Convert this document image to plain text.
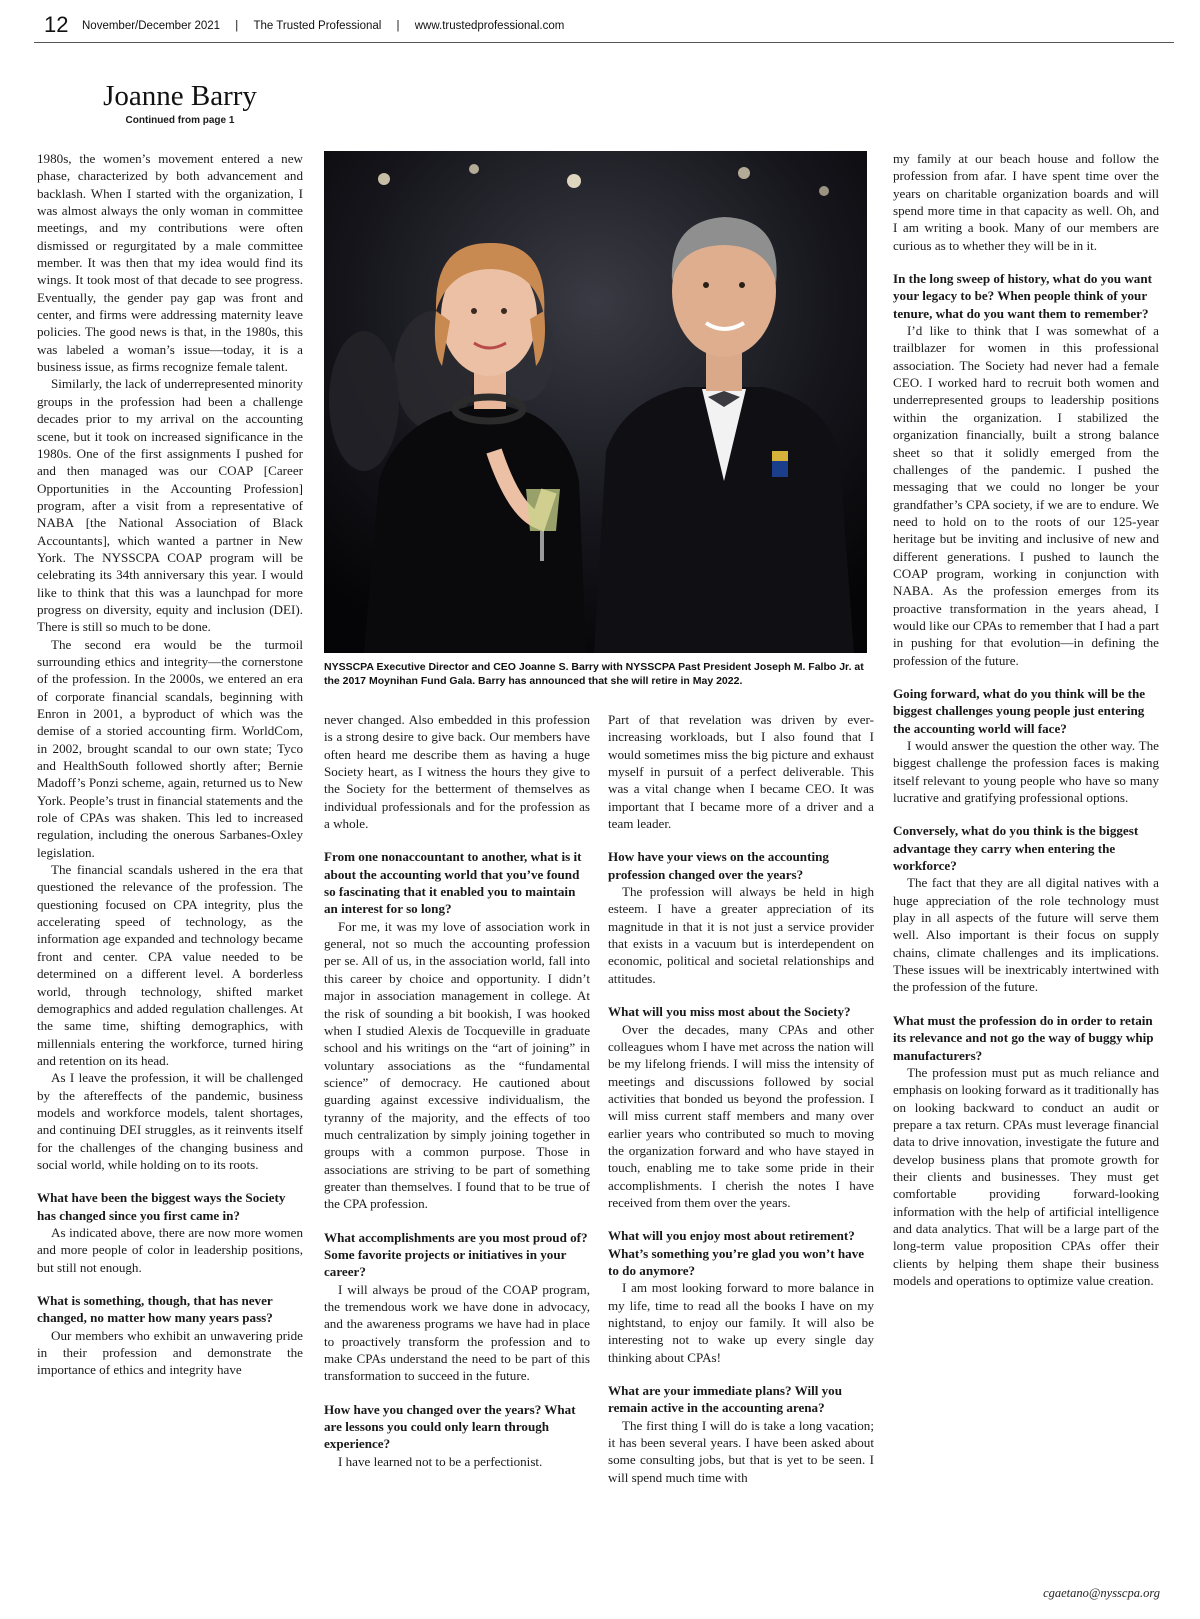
12 November/December 2021 | The Trusted Professional | www.trustedprofessional.com
Joanne Barry
Continued from page 1
NYSSCPA Executive Director and CEO Joanne S. Barry with NYSSCPA Past President Joseph M. Falbo Jr. at the 2017 Moynihan Fund Gala. Barry has announced that she will retire in May 2022.

1980s, the women’s movement entered a new phase, characterized by both advancement and backlash. When I started with the organization, I was almost always the only woman in committee meetings, and my contributions were often dismissed or regurgitated by a male committee member. It was then that my idea would find its wings. It took most of that decade to see progress. Eventually, the gender pay gap was front and center, and firms were addressing maternity leave policies. The good news is that, in the 1980s, this was labeled a woman’s issue—today, it is a business issue, as firms recognize female talent.

Similarly, the lack of underrepresented minority groups in the profession had been a challenge decades prior to my arrival on the accounting scene, but it took on increased significance in the 1980s. One of the first assignments I pushed for and then managed was our COAP [Career Opportunities in the Accounting Profession] program, after a visit from a representative of NABA [the National Association of Black Accountants], which wanted a partner in New York. The NYSSCPA COAP program will be celebrating its 34th anniversary this year. I would like to think that this was a launchpad for more progress on diversity, equity and inclusion (DEI). There is still so much to be done.

The second era would be the turmoil surrounding ethics and integrity—the cornerstone of the profession. In the 2000s, we entered an era of corporate financial scandals, beginning with Enron in 2001, a byproduct of which was the demise of a storied accounting firm. WorldCom, in 2002, brought scandal to our own state; Tyco and HealthSouth followed shortly after; Bernie Madoff’s Ponzi scheme, again, returned us to New York. People’s trust in financial statements and the role of CPAs was shaken. This led to increased regulation, including the onerous Sarbanes-Oxley legislation.

The financial scandals ushered in the era that questioned the relevance of the profession. The questioning focused on CPA integrity, plus the accelerating speed of technology, as the information age expanded and technology became front and center. CPA value needed to be determined on a different level. A borderless world, through technology, shifted market demographics and added regulation challenges. At the same time, shifting demographics, with millennials entering the workforce, turned hiring and retention on its head.

As I leave the profession, it will be challenged by the aftereffects of the pandemic, business models and workforce models, talent shortages, and continuing DEI struggles, as it reinvents itself for the challenges of the changing business and social world, while holding on to its roots.

What have been the biggest ways the Society has changed since you first came in?

As indicated above, there are now more women and more people of color in leadership positions, but still not enough.

What is something, though, that has never changed, no matter how many years pass?

Our members who exhibit an unwavering pride in their profession and demonstrate the importance of ethics and integrity have

never changed. Also embedded in this profession is a strong desire to give back. Our members have often heard me describe them as having a huge Society heart, as I witness the hours they give to the Society for the betterment of themselves as individual professionals and for the profession as a whole.

From one nonaccountant to another, what is it about the accounting world that you’ve found so fascinating that it enabled you to maintain an interest for so long?

For me, it was my love of association work in general, not so much the accounting profession per se. All of us, in the association world, fall into this career by choice and opportunity. I didn’t major in association management in college. At the risk of sounding a bit bookish, I was hooked when I studied Alexis de Tocqueville in graduate school and his writings on the “art of joining” in voluntary associations as the “fundamental science” of democracy. He cautioned about guarding against excessive individualism, the tyranny of the majority, and the effects of too much centralization by simply joining together in groups with a common purpose. Those in associations are striving to be part of something greater than themselves. I found that to be true of the CPA profession.

What accomplishments are you most proud of? Some favorite projects or initiatives in your career?

I will always be proud of the COAP program, the tremendous work we have done in advocacy, and the awareness programs we have had in place to proactively transform the profession and to make CPAs understand the need to be part of this transformation to succeed in the future.

How have you changed over the years? What are lessons you could only learn through experience?

I have learned not to be a perfectionist.

Part of that revelation was driven by ever-increasing workloads, but I also found that I would sometimes miss the big picture and exhaust myself in pursuit of a perfect deliverable. This was a vital change when I became CEO. It was important that I became more of a driver and a team leader.

How have your views on the accounting profession changed over the years?

The profession will always be held in high esteem. I have a greater appreciation of its magnitude in that it is not just a service provider that exists in a vacuum but is interdependent on economic, political and societal relationships and attitudes.

What will you miss most about the Society?

Over the decades, many CPAs and other colleagues whom I have met across the nation will be my lifelong friends. I will miss the intensity of meetings and discussions followed by social activities that bonded us beyond the profession. I will miss current staff members and many over earlier years who contributed so much to moving the organization forward and who have stayed in touch, enabling me to take some pride in their accomplishments. I cherish the notes I have received from them over the years.

What will you enjoy most about retirement? What’s something you’re glad you won’t have to do anymore?

I am most looking forward to more balance in my life, time to read all the books I have on my nightstand, to enjoy our family. It will also be interesting not to wake up every single day thinking about CPAs!

What are your immediate plans? Will you remain active in the accounting arena?

The first thing I will do is take a long vacation; it has been several years. I have been asked about some consulting jobs, but that is yet to be seen. I will spend much time with

my family at our beach house and follow the profession from afar. I have spent time over the years on charitable organization boards and will spend more time in that capacity as well. Oh, and I am writing a book. Many of our members are curious as to whether they will be in it.

In the long sweep of history, what do you want your legacy to be? When people think of your tenure, what do you want them to remember?

I’d like to think that I was somewhat of a trailblazer for women in this professional association. The Society had never had a female CEO. I worked hard to recruit both women and underrepresented groups to leadership positions within the organization. I stabilized the organization financially, built a strong balance sheet so that it solidly emerged from the challenges of the pandemic. I pushed the messaging that we could no longer be your grandfather’s CPA society, if we are to endure. We need to hold on to the roots of our 125-year heritage but be inviting and inclusive of new and different generations. I pushed to launch the COAP program, working in conjunction with NABA. As the profession emerges from its proactive transformation in the years ahead, I would like our CPAs to remember that I had a part in pushing for that evolution—in defining the profession of the future.

Going forward, what do you think will be the biggest challenges young people just entering the accounting world will face?

I would answer the question the other way. The biggest challenge the profession faces is making itself relevant to young people who have so many lucrative and gratifying professional options.

Conversely, what do you think is the biggest advantage they carry when entering the workforce?

The fact that they are all digital natives with a huge appreciation of the role technology must play in all aspects of the future will serve them well. Also important is their focus on supply chains, climate challenges and its implications. These issues will be inextricably intertwined with the profession of the future.

What must the profession do in order to retain its relevance and not go the way of buggy whip manufacturers?

The profession must put as much reliance and emphasis on looking forward as it traditionally has on looking backward to conduct an audit or prepare a tax return. CPAs must leverage financial data to drive innovation, investigate the future and develop business plans that promote growth for their clients and businesses. They must get comfortable providing forward-looking information with the help of artificial intelligence and data analytics. That will be a large part of the long-term value proposition CPAs offer their clients by helping them shape their business models and operations to optimize value creation.

cgaetano@nysscpa.org
